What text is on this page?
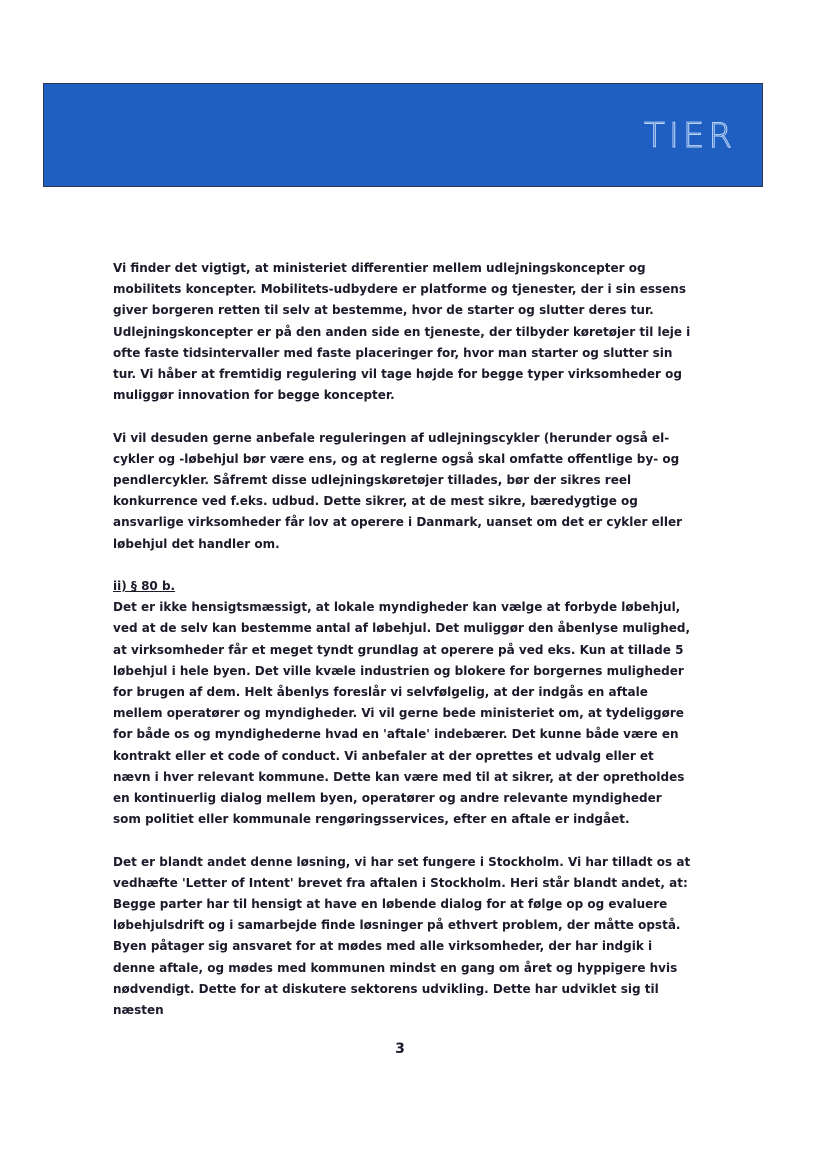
TIER

Vi finder det vigtigt, at ministeriet differentier mellem udlejningskoncepter og mobilitets koncepter. Mobilitets-udbydere er platforme og tjenester, der i sin essens giver borgeren retten til selv at bestemme, hvor de starter og slutter deres tur. Udlejningskoncepter er på den anden side en tjeneste, der tilbyder køretøjer til leje i ofte faste tidsintervaller med faste placeringer for, hvor man starter og slutter sin tur. Vi håber at fremtidig regulering vil tage højde for begge typer virksomheder og muliggør innovation for begge koncepter.

Vi vil desuden gerne anbefale reguleringen af udlejningscykler (herunder også el-cykler og -løbehjul bør være ens, og at reglerne også skal omfatte offentlige by- og pendlercykler. Såfremt disse udlejningskøretøjer tillades, bør der sikres reel konkurrence ved f.eks. udbud. Dette sikrer, at de mest sikre, bæredygtige og ansvarlige virksomheder får lov at operere i Danmark, uanset om det er cykler eller løbehjul det handler om.

ii) § 80 b.
Det er ikke hensigtsmæssigt, at lokale myndigheder kan vælge at forbyde løbehjul, ved at de selv kan bestemme antal af løbehjul. Det muliggør den åbenlyse mulighed, at virksomheder får et meget tyndt grundlag at operere på ved eks. Kun at tillade 5 løbehjul i hele byen. Det ville kvæle industrien og blokere for borgernes muligheder for brugen af dem. Helt åbenlys foreslår vi selvfølgelig, at der indgås en aftale mellem operatører og myndigheder. Vi vil gerne bede ministeriet om, at tydeliggøre for både os og myndighederne hvad en 'aftale' indebærer. Det kunne både være en kontrakt eller et code of conduct. Vi anbefaler at der oprettes et udvalg eller et nævn i hver relevant kommune. Dette kan være med til at sikrer, at der opretholdes en kontinuerlig dialog mellem byen, operatører og andre relevante myndigheder som politiet eller kommunale rengøringsservices, efter en aftale er indgået.

Det er blandt andet denne løsning, vi har set fungere i Stockholm. Vi har tilladt os at vedhæfte 'Letter of Intent' brevet fra aftalen i Stockholm. Heri står blandt andet, at: Begge parter har til hensigt at have en løbende dialog for at følge op og evaluere løbehjulsdrift og i samarbejde finde løsninger på ethvert problem, der måtte opstå. Byen påtager sig ansvaret for at mødes med alle virksomheder, der har indgik i denne aftale, og mødes med kommunen mindst en gang om året og hyppigere hvis nødvendigt. Dette for at diskutere sektorens udvikling. Dette har udviklet sig til næsten

3
